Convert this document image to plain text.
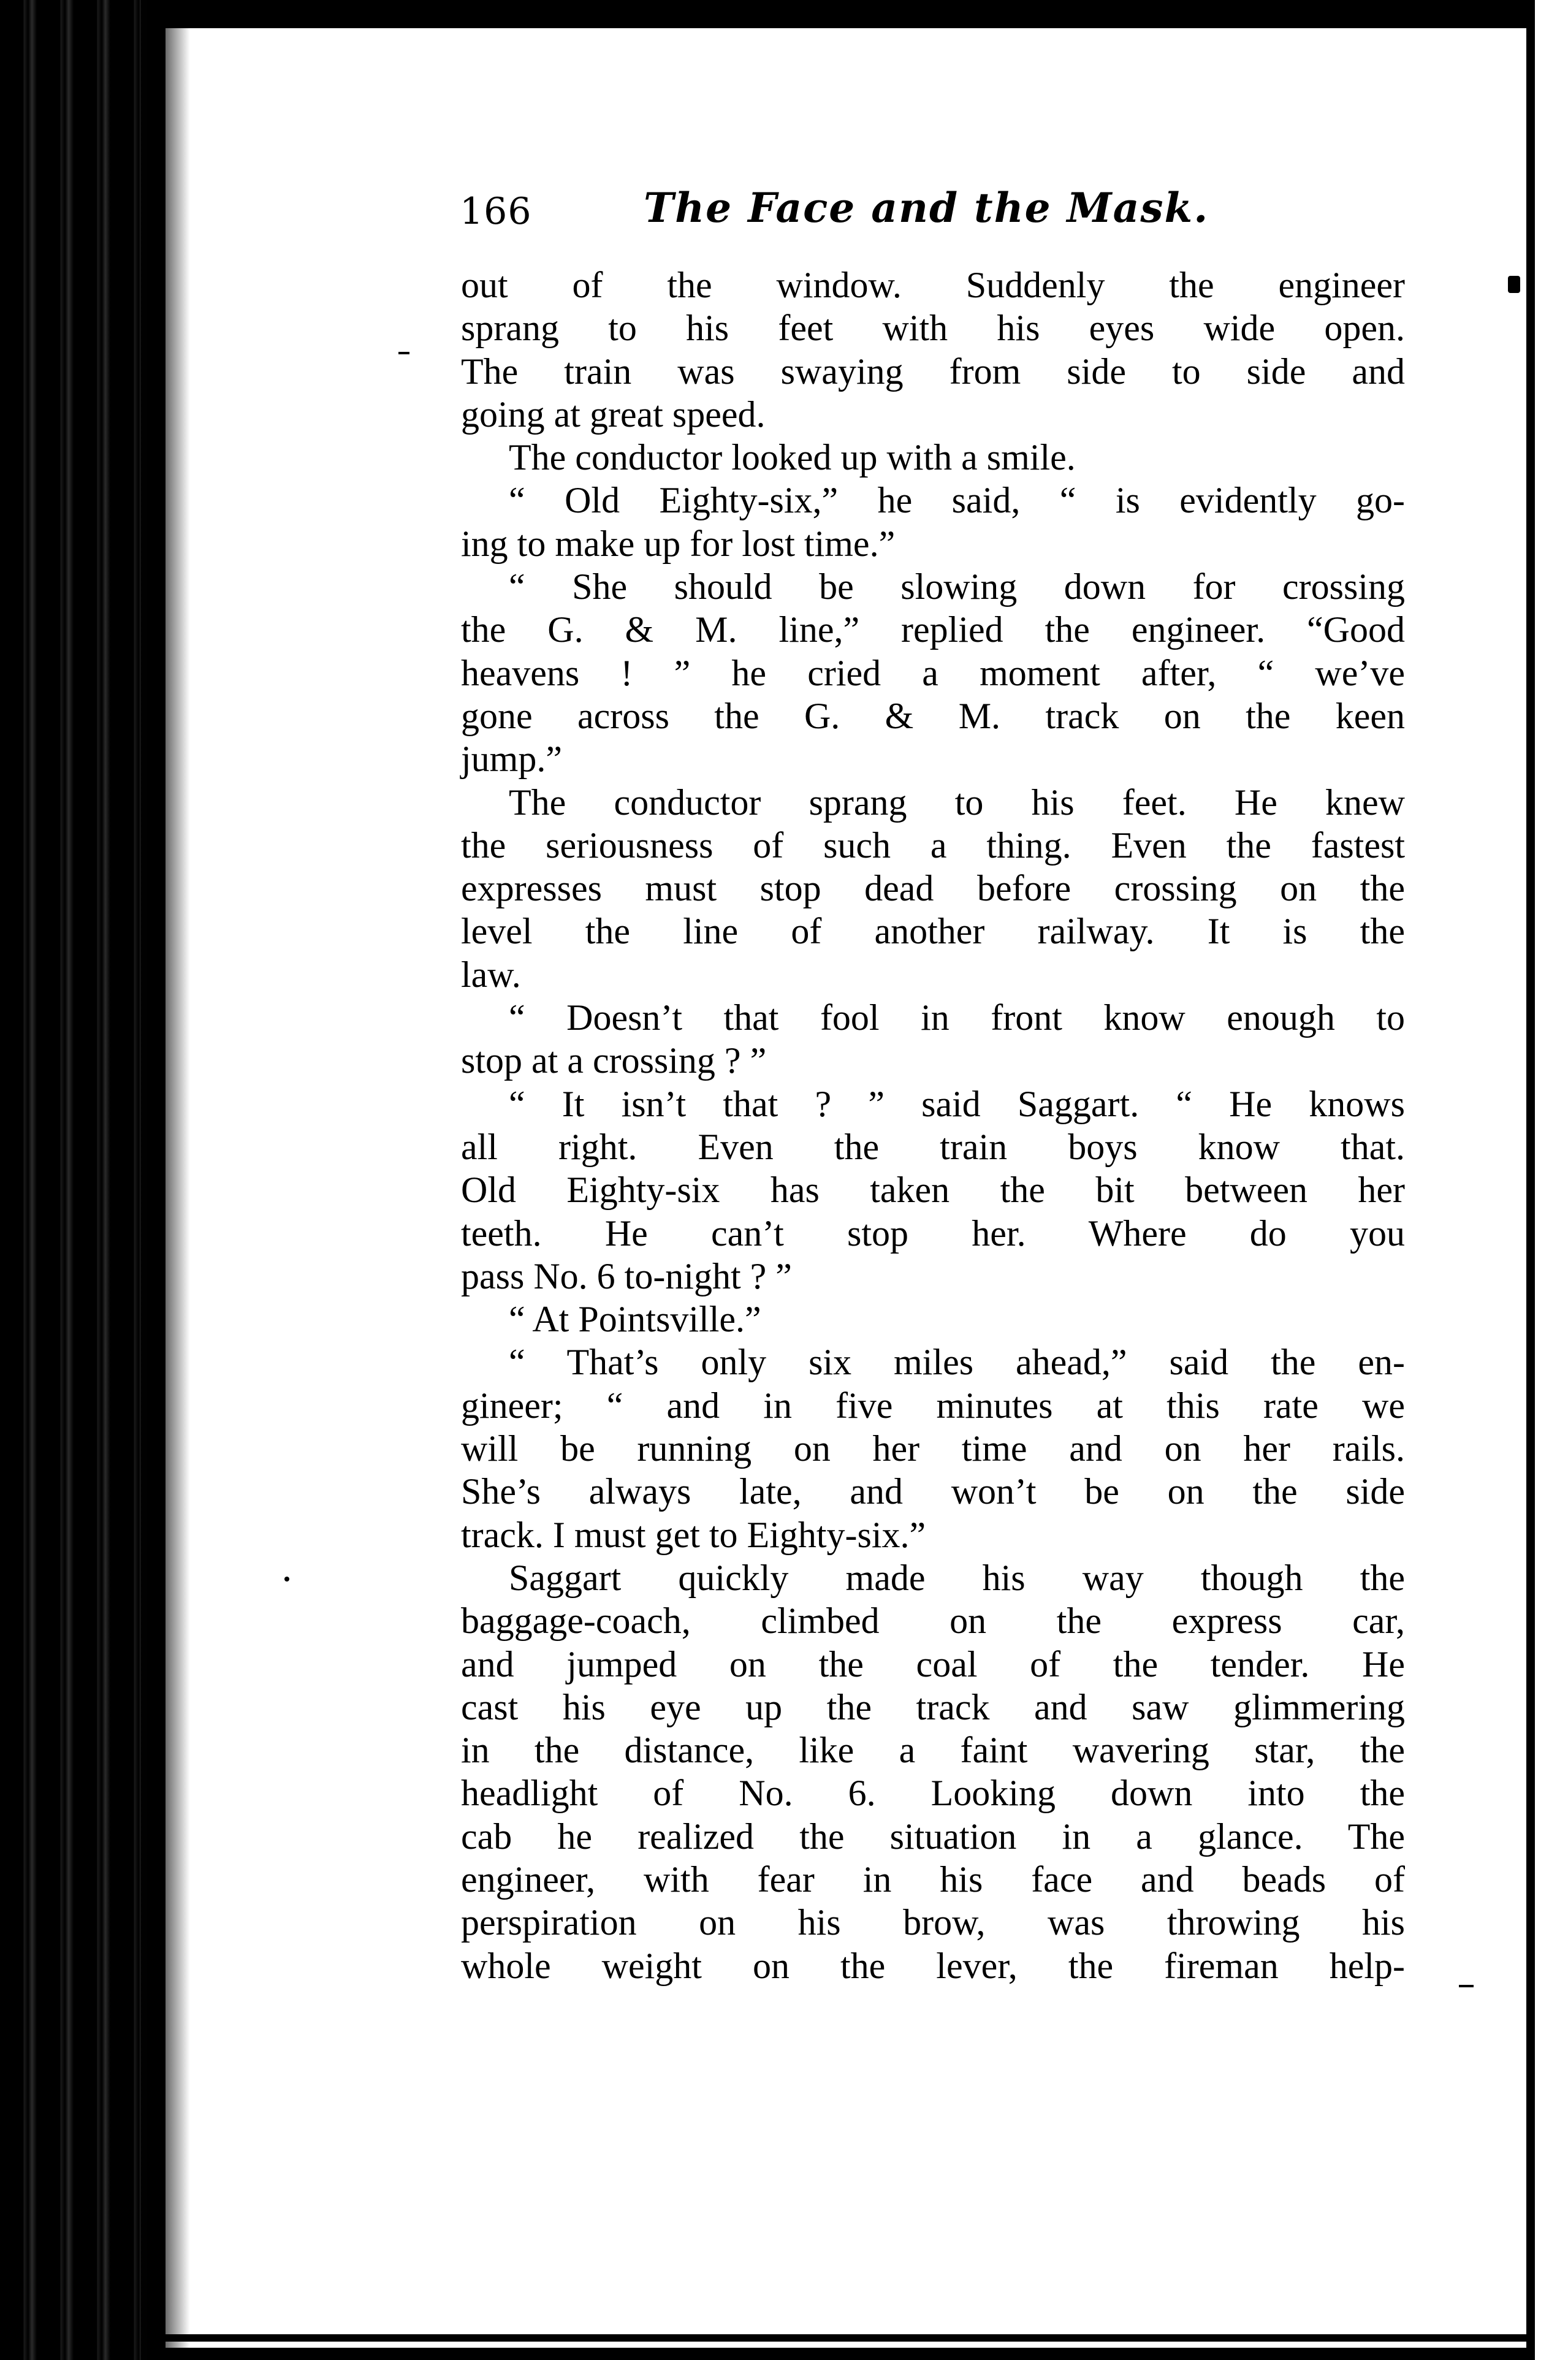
166	The Face and the Mask.
out of the window. Suddenly the engineer
sprang to his feet with his eyes wide open.
The train was swaying from side to side and
going at great speed.
The conductor looked up with a smile.
“ Old Eighty-six,” he said, “ is evidently go-
ing to make up for lost time.”
“ She should be slowing down for crossing
the G. & M. line,” replied the engineer. “Good
heavens ! ” he cried a moment after, “ we’ve
gone across the G. & M. track on the keen
jump.”
The conductor sprang to his feet. He knew
the seriousness of such a thing. Even the fastest
expresses must stop dead before crossing on the
level the line of another railway. It is the
law.
“ Doesn’t that fool in front know enough to
stop at a crossing ? ”
“ It isn’t that ? ” said Saggart. “ He knows
all right. Even the train boys know that.
Old Eighty-six has taken the bit between her
teeth. He can’t stop her. Where do you
pass No. 6 to-night ? ”
“ At Pointsville.”
“ That’s only six miles ahead,” said the en-
gineer; “ and in five minutes at this rate we
will be running on her time and on her rails.
She’s always late, and won’t be on the side
track. I must get to Eighty-six.”
Saggart quickly made his way though the
baggage-coach, climbed on the express car,
and jumped on the coal of the tender. He
cast his eye up the track and saw glimmering
in the distance, like a faint wavering star, the
headlight of No. 6. Looking down into the
cab he realized the situation in a glance. The
engineer, with fear in his face and beads of
perspiration on his brow, was throwing his
whole weight on the lever, the fireman help-
